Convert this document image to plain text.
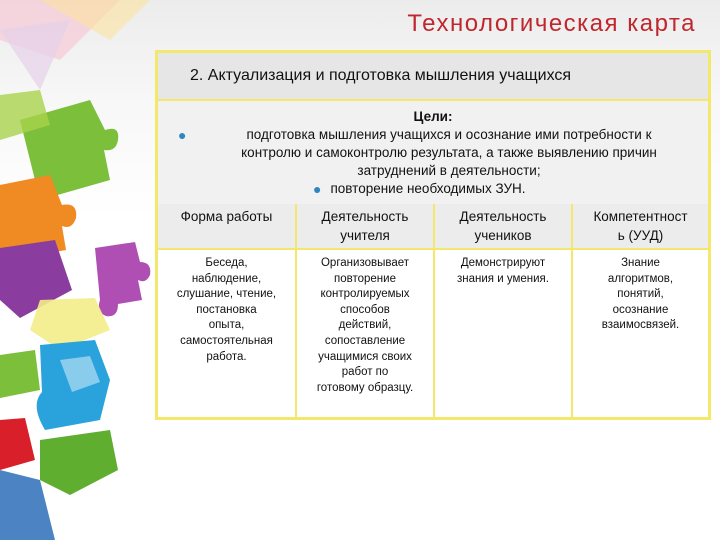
Технологическая карта
2. Актуализация и подготовка мышления учащихся
Цели:
●	подготовка мышления учащихся и осознание ими потребности к
контролю и самоконтролю результата, а также выявлению причин
затруднений в деятельности;
● повторение необходимых ЗУН.
Форма работы	Деятельность
учителя
Деятельность
учеников
Компетентност
ь (УУД)
Беседа,
наблюдение,
слушание, чтение,
постановка
опыта,
самостоятельная
работа.
Организовывает
повторение
контролируемых
способов
действий,
сопоставление
учащимися своих
работ по
готовому образцу.
Демонстрируют
знания и умения.
Знание
алгоритмов,
понятий,
осознание
взаимосвязей.
